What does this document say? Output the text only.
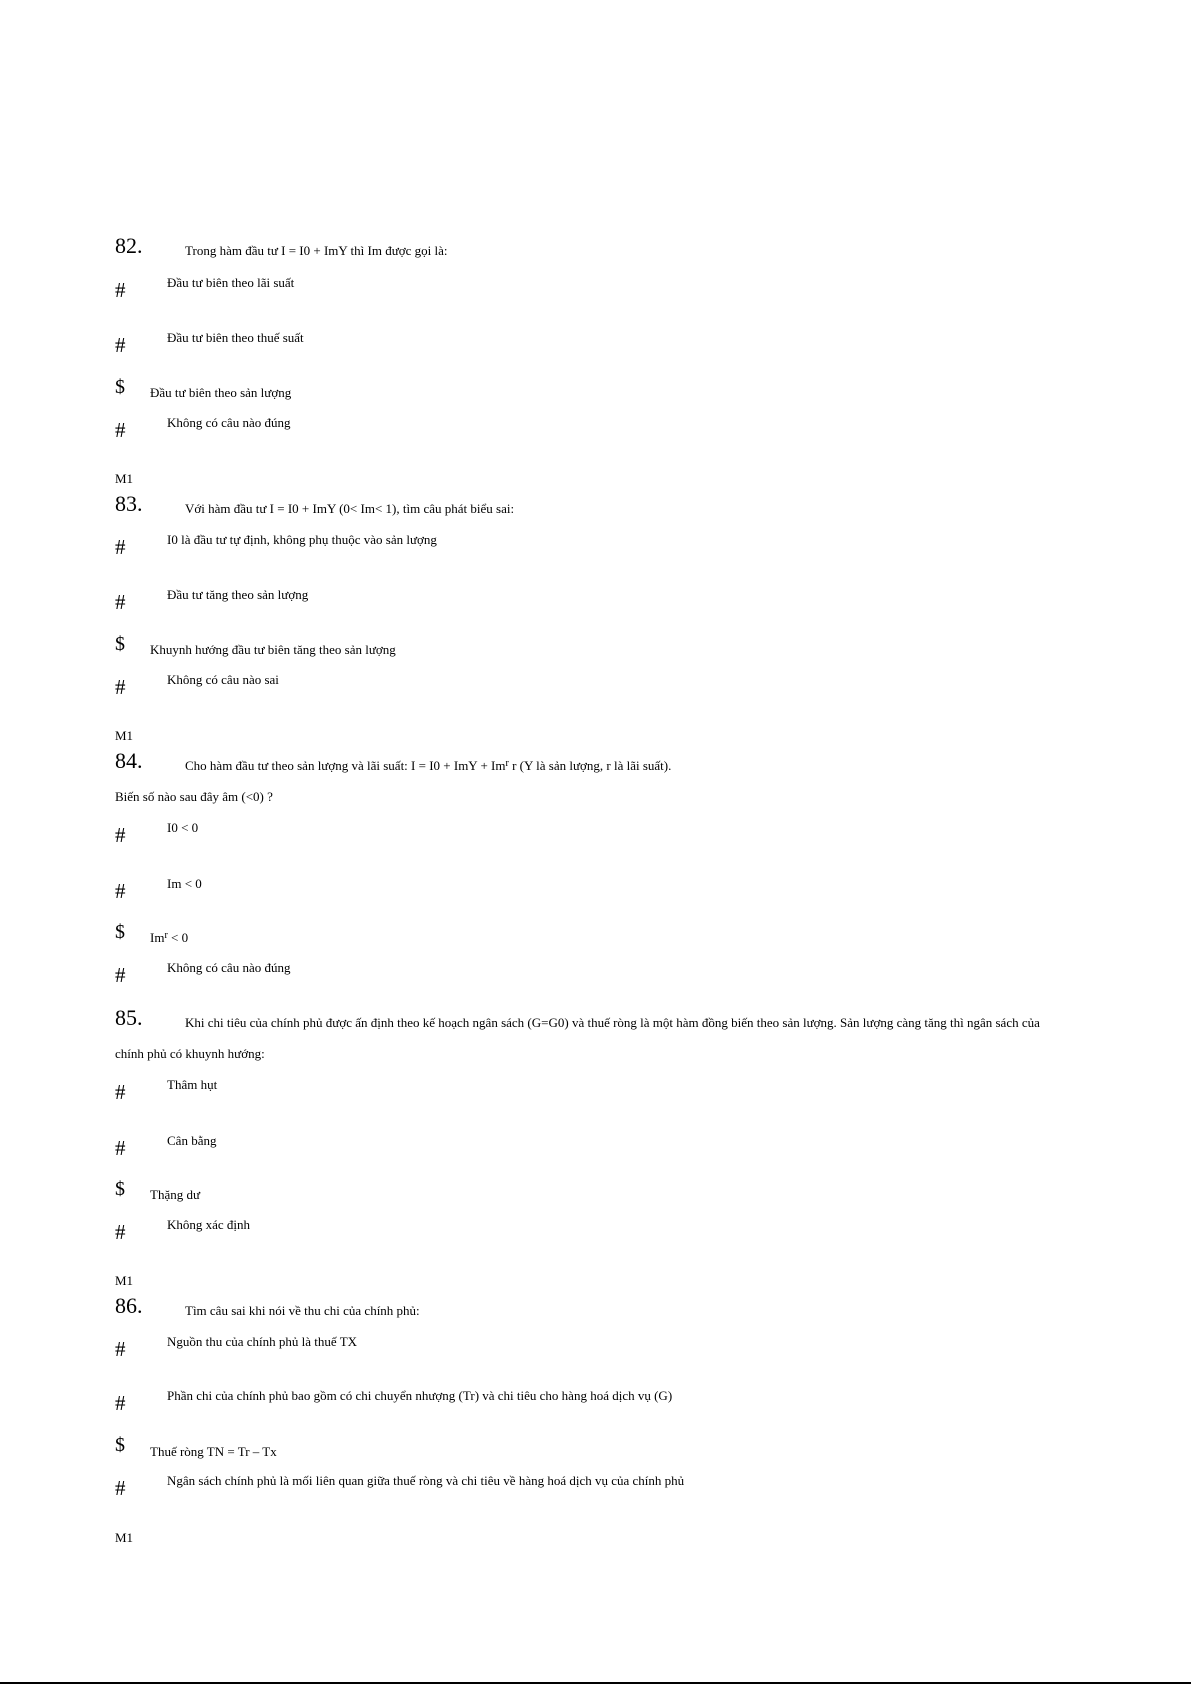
82.	Trong hàm đầu tư I = I0 + ImY thì Im được gọi là:
#	Đầu tư biên theo lãi suất
#	Đầu tư biên theo thuế suất
$ Đầu tư biên theo sản lượng
#	Không có câu nào đúng
M1
83.	Với hàm đầu tư I = I0 + ImY (0< Im< 1), tìm câu phát biểu sai:
#	I0 là đầu tư tự định, không phụ thuộc vào sản lượng
#	Đầu tư tăng theo sản lượng
$ Khuynh hướng đầu tư biên tăng theo sản lượng
#	Không có câu nào sai
M1
84.	Cho hàm đầu tư theo sản lượng và lãi suất: I = I0 + ImY + $Im^r$ r (Y là sản lượng, r là lãi suất).
Biến số nào sau đây âm (<0) ?
#	I0 < 0
#	Im < 0
$ $Im^r < 0$
#	Không có câu nào đúng
85.	Khi chi tiêu của chính phủ được ấn định theo kế hoạch ngân sách (G=G0) và thuế ròng là một hàm đồng biến theo sản lượng. Sản lượng càng tăng thì ngân sách của
chính phủ có khuynh hướng:
#	Thâm hụt
#	Cân bằng
$ Thặng dư
#	Không xác định
M1
86.	Tìm câu sai khi nói về thu chi của chính phủ:
#	Nguồn thu của chính phủ là thuế TX
#	Phần chi của chính phủ bao gồm có chi chuyển nhượng (Tr) và chi tiêu cho hàng hoá dịch vụ (G)
$ Thuế ròng TN = Tr – Tx
#	Ngân sách chính phủ là mối liên quan giữa thuế ròng và chi tiêu về hàng hoá dịch vụ của chính phủ
M1
